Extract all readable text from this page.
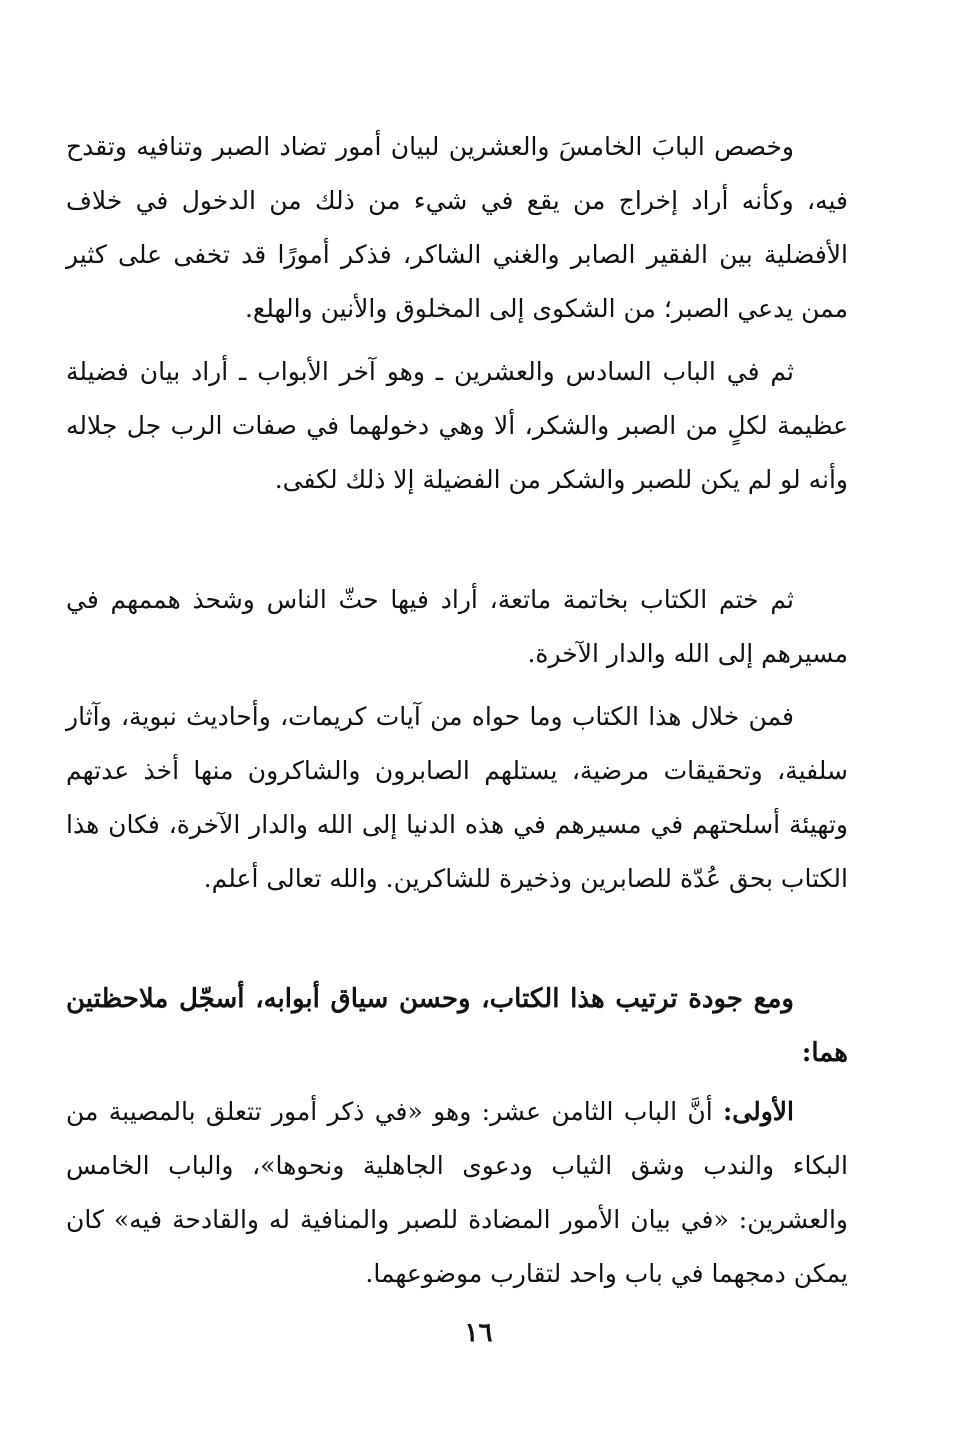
وخصص البابَ الخامسَ والعشرين لبيان أمور تضاد الصبر وتنافيه وتقدح فيه، وكأنه أراد إخراج من يقع في شيء من ذلك من الدخول في خلاف الأفضلية بين الفقير الصابر والغني الشاكر، فذكر أمورًا قد تخفى على كثير ممن يدعي الصبر؛ من الشكوى إلى المخلوق والأنين والهلع.

ثم في الباب السادس والعشرين ـ وهو آخر الأبواب ـ أراد بيان فضيلة عظيمة لكلٍ من الصبر والشكر، ألا وهي دخولهما في صفات الرب جل جلاله وأنه لو لم يكن للصبر والشكر من الفضيلة إلا ذلك لكفى.

ثم ختم الكتاب بخاتمة ماتعة، أراد فيها حثّ الناس وشحذ هممهم في مسيرهم إلى الله والدار الآخرة.

فمن خلال هذا الكتاب وما حواه من آيات كريمات، وأحاديث نبوية، وآثار سلفية، وتحقيقات مرضية، يستلهم الصابرون والشاكرون منها أخذ عدتهم وتهيئة أسلحتهم في مسيرهم في هذه الدنيا إلى الله والدار الآخرة، فكان هذا الكتاب بحق عُدّة للصابرين وذخيرة للشاكرين. والله تعالى أعلم.

ومع جودة ترتيب هذا الكتاب، وحسن سياق أبوابه، أسجّل ملاحظتين هما:

الأولى: أنَّ الباب الثامن عشر: وهو «في ذكر أمور تتعلق بالمصيبة من البكاء والندب وشق الثياب ودعوى الجاهلية ونحوها»، والباب الخامس والعشرين: «في بيان الأمور المضادة للصبر والمنافية له والقادحة فيه» كان يمكن دمجهما في باب واحد لتقارب موضوعهما.

١٦
